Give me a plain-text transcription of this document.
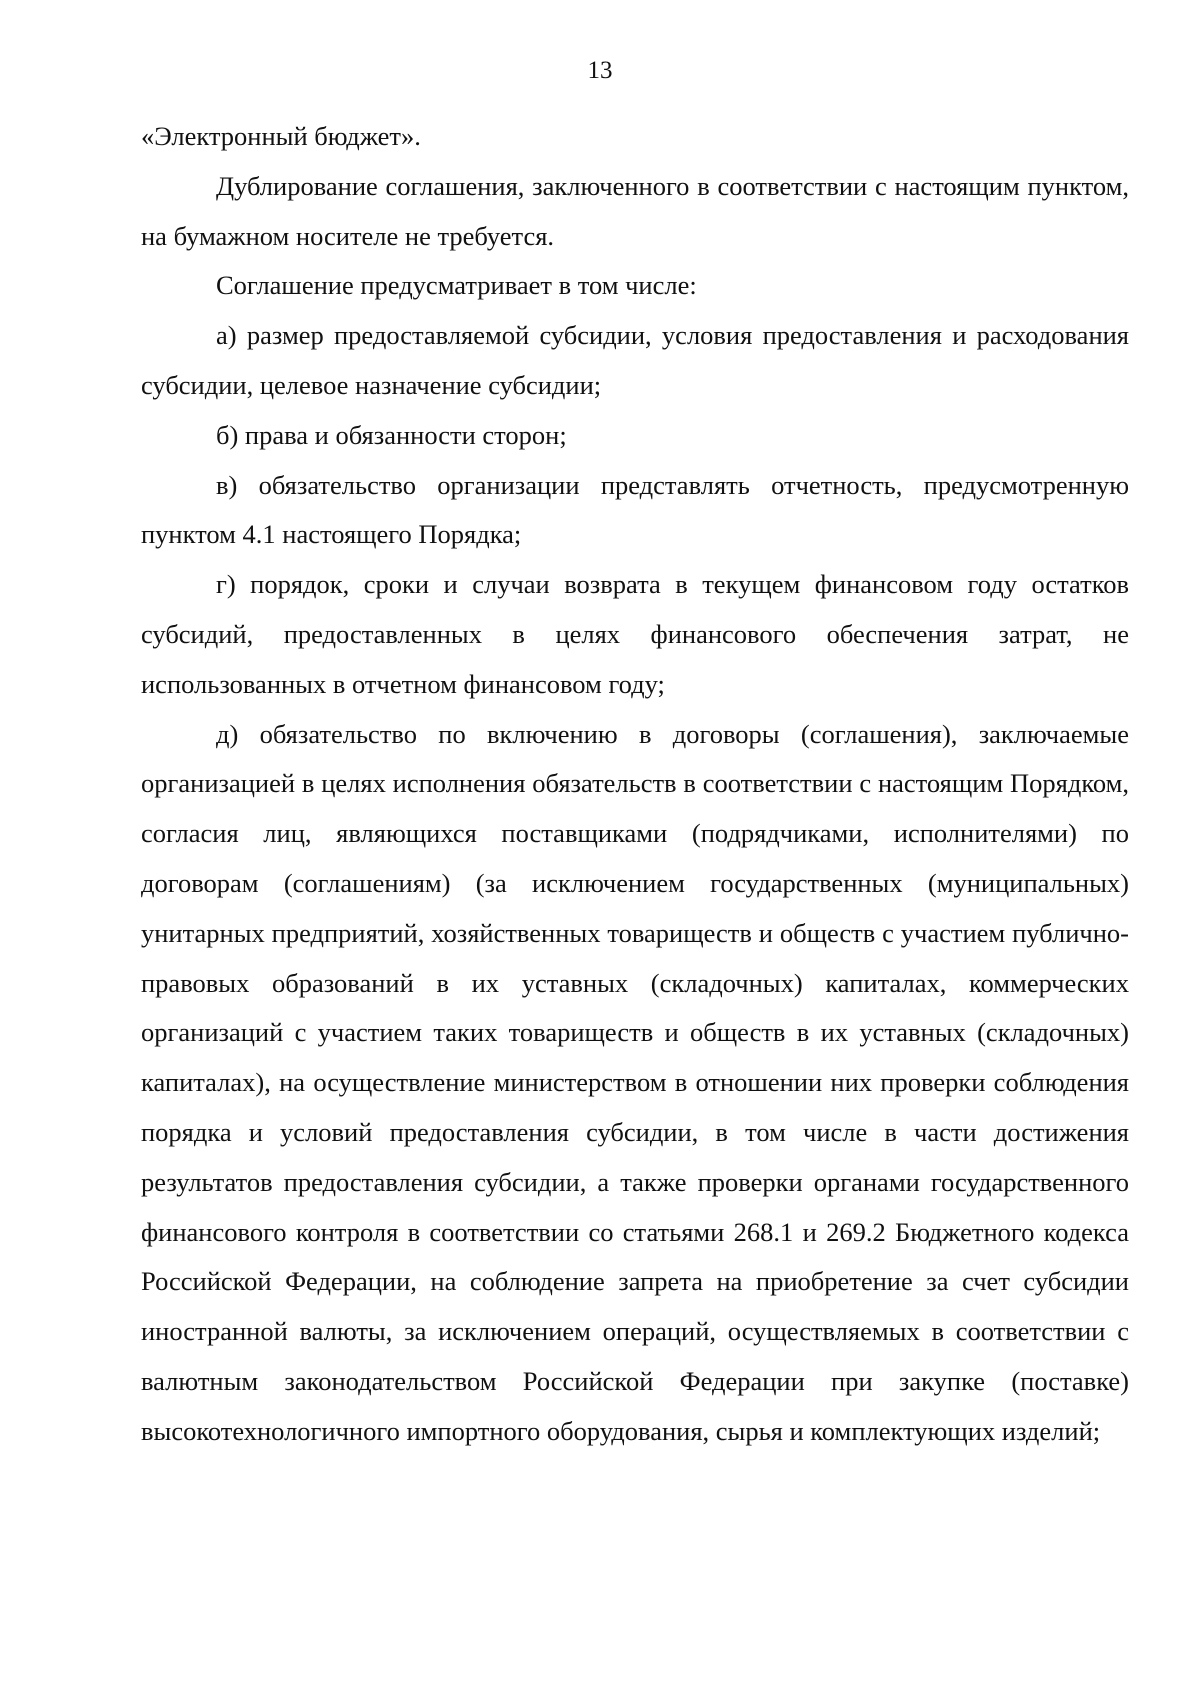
13

«Электронный бюджет».

Дублирование соглашения, заключенного в соответствии с настоящим пунктом, на бумажном носителе не требуется.

Соглашение предусматривает в том числе:

а) размер предоставляемой субсидии, условия предоставления и расходования субсидии, целевое назначение субсидии;

б) права и обязанности сторон;

в) обязательство организации представлять отчетность, предусмотренную пунктом 4.1 настоящего Порядка;

г) порядок, сроки и случаи возврата в текущем финансовом году остатков субсидий, предоставленных в целях финансового обеспечения затрат, не использованных в отчетном финансовом году;

д) обязательство по включению в договоры (соглашения), заключаемые организацией в целях исполнения обязательств в соответствии с настоящим Порядком, согласия лиц, являющихся поставщиками (подрядчиками, исполнителями) по договорам (соглашениям) (за исключением государственных (муниципальных) унитарных предприятий, хозяйственных товариществ и обществ с участием публично-правовых образований в их уставных (складочных) капиталах, коммерческих организаций с участием таких товариществ и обществ в их уставных (складочных) капиталах), на осуществление министерством в отношении них проверки соблюдения порядка и условий предоставления субсидии, в том числе в части достижения результатов предоставления субсидии, а также проверки органами государственного финансового контроля в соответствии со статьями 268.1 и 269.2 Бюджетного кодекса Российской Федерации, на соблюдение запрета на приобретение за счет субсидии иностранной валюты, за исключением операций, осуществляемых в соответствии с валютным законодательством Российской Федерации при закупке (поставке) высокотехнологичного импортного оборудования, сырья и комплектующих изделий;
